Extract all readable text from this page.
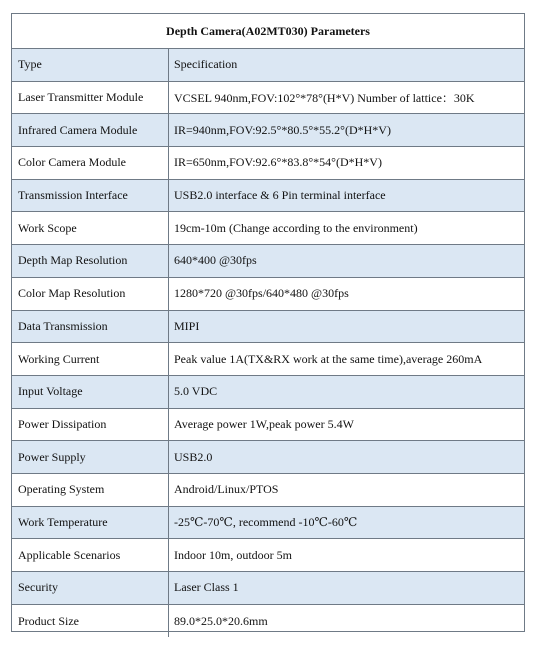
Depth Camera(A02MT030) Parameters
Type	Specification
Laser Transmitter Module	VCSEL 940nm,FOV:102°*78°(H*V) Number of lattice：30K
Infrared Camera Module	IR=940nm,FOV:92.5°*80.5°*55.2°(D*H*V)
Color Camera Module	IR=650nm,FOV:92.6°*83.8°*54°(D*H*V)
Transmission Interface	USB2.0 interface & 6 Pin terminal interface
Work Scope	19cm-10m (Change according to the environment)
Depth Map Resolution	640*400 @30fps
Color Map Resolution	1280*720 @30fps/640*480 @30fps
Data Transmission	MIPI
Working Current	Peak value 1A(TX&RX work at the same time),average 260mA
Input Voltage	5.0 VDC
Power Dissipation	Average power 1W,peak power 5.4W
Power Supply	USB2.0
Operating System	Android/Linux/PTOS
Work Temperature	-25℃-70℃, recommend -10℃-60℃
Applicable Scenarios	Indoor 10m, outdoor 5m
Security	Laser Class 1
Product Size	89.0*25.0*20.6mm
